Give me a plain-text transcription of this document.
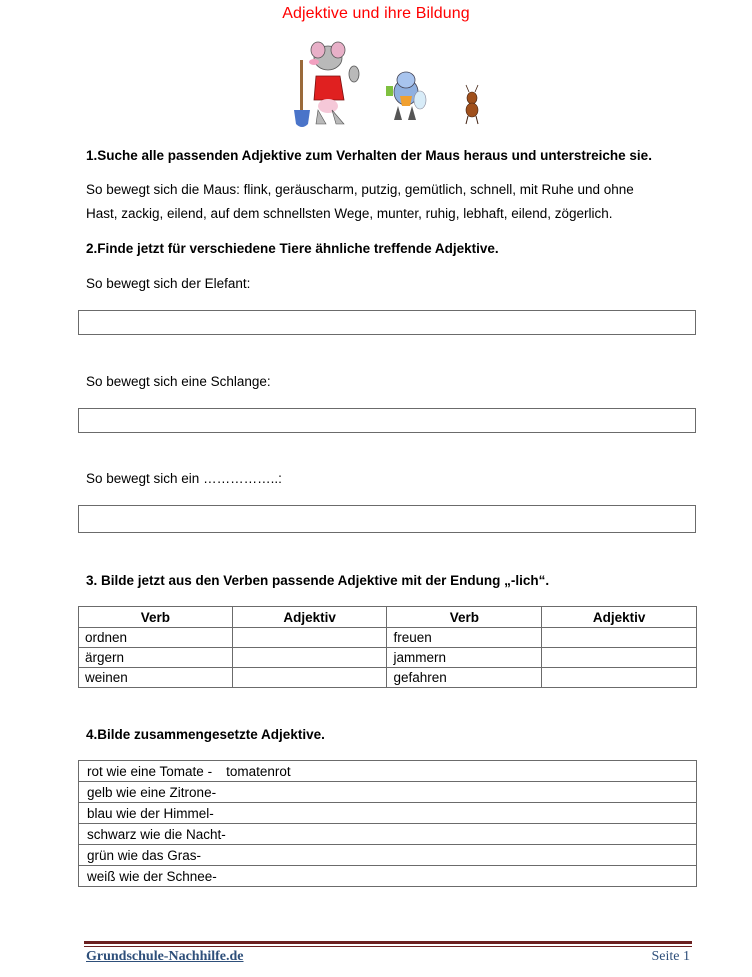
Adjektive und ihre Bildung
1.Suche alle passenden Adjektive zum Verhalten der Maus heraus und unterstreiche sie.
So bewegt sich die Maus: flink, geräuscharm, putzig, gemütlich, schnell, mit Ruhe und ohne
Hast, zackig, eilend, auf dem schnellsten Wege, munter, ruhig, lebhaft, eilend, zögerlich.
2.Finde jetzt für verschiedene Tiere ähnliche treffende Adjektive.
So bewegt sich der Elefant:
So bewegt sich eine Schlange:
So bewegt sich ein ……………..:
3. Bilde jetzt aus den Verben passende Adjektive mit der Endung „-lich“.
Verb	Adjektiv	Verb	Adjektiv
ordnen		freuen	
ärgern		jammern	
weinen		gefahren	
4.Bilde zusammengesetzte Adjektive.
rot wie eine Tomate - tomatenrot
gelb wie eine Zitrone-
blau wie der Himmel-
schwarz wie die Nacht-
grün wie das Gras-
weiß wie der Schnee-
Grundschule-Nachhilfe.de	Seite 1
